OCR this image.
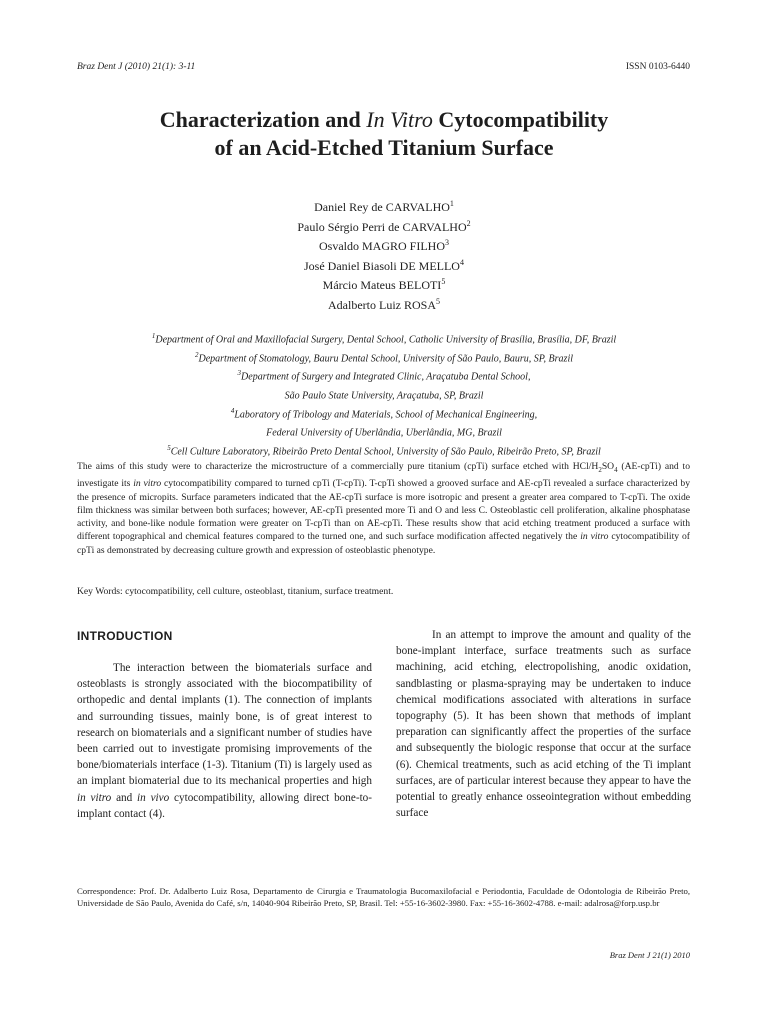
Braz Dent J (2010) 21(1): 3-11	ISSN 0103-6440
Characterization and In Vitro Cytocompatibility
of an Acid-Etched Titanium Surface
Daniel Rey de CARVALHO$^1$
Paulo Sérgio Perri de CARVALHO$^2$
Osvaldo MAGRO FILHO$^3$
José Daniel Biasoli DE MELLO$^4$
Márcio Mateus BELOTI$^5$
Adalberto Luiz ROSA$^5$
$^1$Department of Oral and Maxillofacial Surgery, Dental School, Catholic University of Brasília, Brasília, DF, Brazil
$^2$Department of Stomatology, Bauru Dental School, University of São Paulo, Bauru, SP, Brazil
$^3$Department of Surgery and Integrated Clinic, Araçatuba Dental School,
São Paulo State University, Araçatuba, SP, Brazil
$^4$Laboratory of Tribology and Materials, School of Mechanical Engineering,
Federal University of Uberlândia, Uberlândia, MG, Brazil
$^5$Cell Culture Laboratory, Ribeirão Preto Dental School, University of São Paulo, Ribeirão Preto, SP, Brazil
The aims of this study were to characterize the microstructure of a commercially pure titanium (cpTi) surface etched with HCl/$H_2SO_4$ (AE-cpTi) and to investigate its in vitro cytocompatibility compared to turned cpTi (T-cpTi). T-cpTi showed a grooved surface and AE-cpTi revealed a surface characterized by the presence of micropits. Surface parameters indicated that the AE-cpTi surface is more isotropic and present a greater area compared to T-cpTi. The oxide film thickness was similar between both surfaces; however, AE-cpTi presented more Ti and O and less C. Osteoblastic cell proliferation, alkaline phosphatase activity, and bone-like nodule formation were greater on T-cpTi than on AE-cpTi. These results show that acid etching treatment produced a surface with different topographical and chemical features compared to the turned one, and such surface modification affected negatively the in vitro cytocompatibility of cpTi as demonstrated by decreasing culture growth and expression of osteoblastic phenotype.
Key Words: cytocompatibility, cell culture, osteoblast, titanium, surface treatment.
INTRODUCTION

The interaction between the biomaterials surface and osteoblasts is strongly associated with the biocompatibility of orthopedic and dental implants (1). The connection of implants and surrounding tissues, mainly bone, is of great interest to research on biomaterials and a significant number of studies have been carried out to investigate promising improvements of the bone/biomaterials interface (1-3). Titanium (Ti) is largely used as an implant biomaterial due to its mechanical properties and high in vitro and in vivo cytocompatibility, allowing direct bone-to-implant contact (4).

In an attempt to improve the amount and quality of the bone-implant interface, surface treatments such as surface machining, acid etching, electropolishing, anodic oxidation, sandblasting or plasma-spraying may be undertaken to induce chemical modifications associated with alterations in surface topography (5). It has been shown that methods of implant preparation can significantly affect the properties of the surface and subsequently the biologic response that occur at the surface (6). Chemical treatments, such as acid etching of the Ti implant surfaces, are of particular interest because they appear to have the potential to greatly enhance osseointegration without embedding surface

Correspondence: Prof. Dr. Adalberto Luiz Rosa, Departamento de Cirurgia e Traumatologia Bucomaxilofacial e Periodontia, Faculdade de Odontologia de Ribeirão Preto, Universidade de São Paulo, Avenida do Café, s/n, 14040-904 Ribeirão Preto, SP, Brasil. Tel: +55-16-3602-3980. Fax: +55-16-3602-4788. e-mail: adalrosa@forp.usp.br
Braz Dent J 21(1) 2010
